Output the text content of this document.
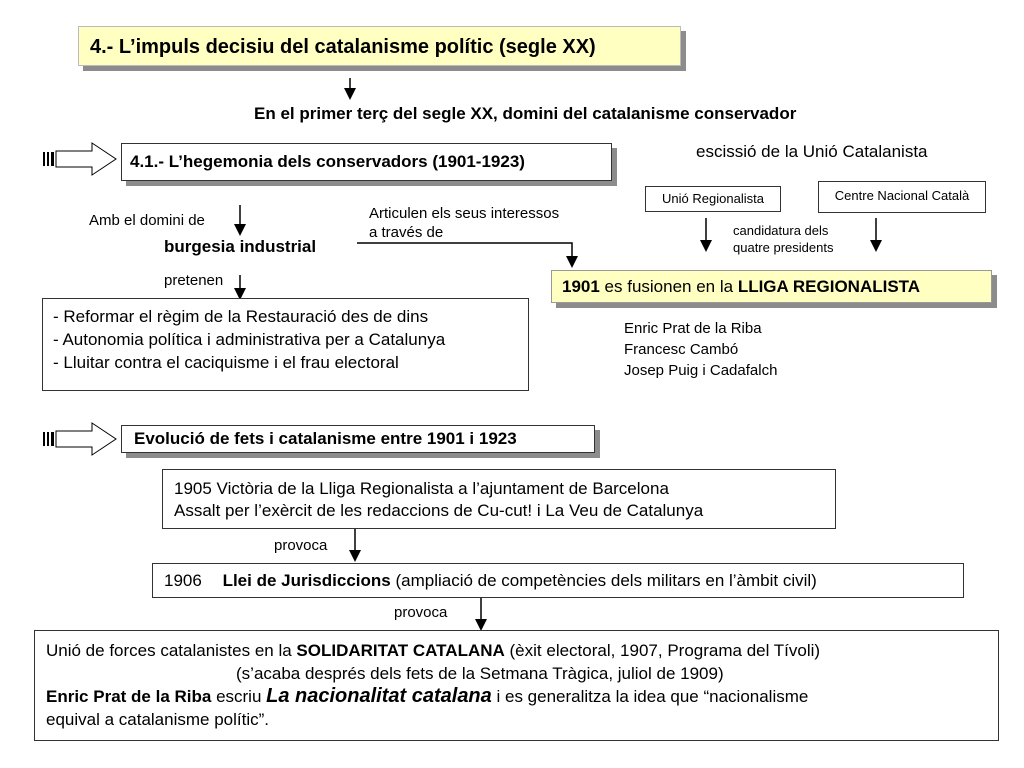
4.- L’impuls decisiu del catalanisme polític (segle XX)
En el primer terç del segle XX, domini del catalanisme conservador
4.1.- L’hegemonia dels conservadors (1901-1923)
escissió de la Unió Catalanista
Unió Regionalista	Centre Nacional Català
candidatura dels
quatre presidents
Amb el domini de	Articulen els seus interessos
a través de
burgesia industrial
pretenen	1901 es fusionen en la LLIGA REGIONALISTA
- Reformar el règim de la Restauració des de dins
- Autonomia política i administrativa per a Catalunya
- Lluitar contra el caciquisme i el frau electoral
Enric Prat de la Riba
Francesc Cambó
Josep Puig i Cadafalch
Evolució de fets i catalanisme entre 1901 i 1923
1905 Victòria de la Lliga Regionalista a l’ajuntament de Barcelona
Assalt per l’exèrcit de les redaccions de Cu-cut! i La Veu de Catalunya
provoca
1906 Llei de Jurisdiccions (ampliació de competències dels militars en l’àmbit civil)
provoca
Unió de forces catalanistes en la SOLIDARITAT CATALANA (èxit electoral, 1907, Programa del Tívoli)
(s’acaba després dels fets de la Setmana Tràgica, juliol de 1909)
Enric Prat de la Riba escriu La nacionalitat catalana i es generalitza la idea que “nacionalisme
equival a catalanisme polític”.
